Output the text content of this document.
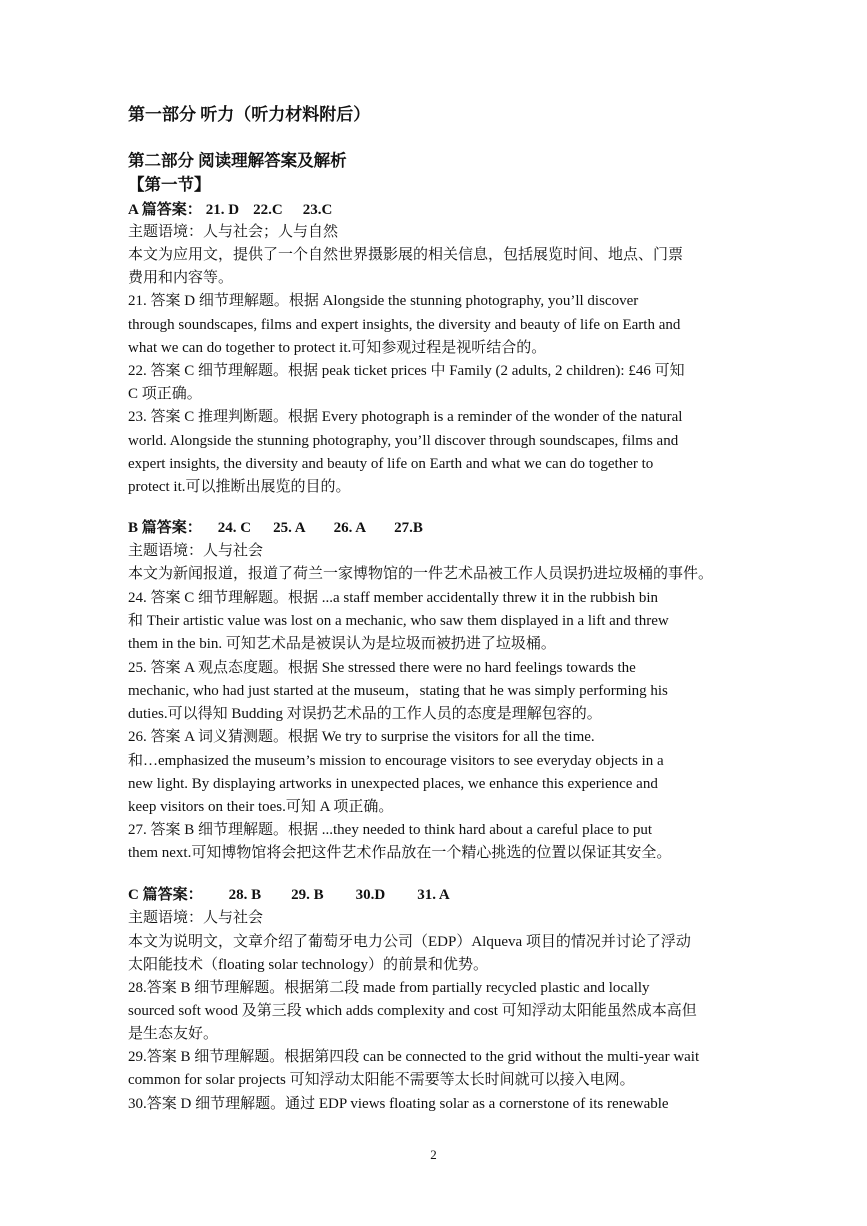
第一部分 听力（听力材料附后）
第二部分 阅读理解答案及解析
【第一节】
A 篇答案： 21. D 22.C 23.C
主题语境：人与社会；人与自然
本文为应用文，提供了一个自然世界摄影展的相关信息，包括展览时间、地点、门票
费用和内容等。
21. 答案 D 细节理解题。根据 Alongside the stunning photography, you’ll discover
through soundscapes, films and expert insights, the diversity and beauty of life on Earth and
what we can do together to protect it.可知参观过程是视听结合的。
22. 答案 C 细节理解题。根据 peak ticket prices 中 Family (2 adults, 2 children): £46 可知
C 项正确。
23. 答案 C 推理判断题。根据 Every photograph is a reminder of the wonder of the natural
world. Alongside the stunning photography, you’ll discover through soundscapes, films and
expert insights, the diversity and beauty of life on Earth and what we can do together to
protect it.可以推断出展览的目的。
B 篇答案： 24. C 25. A 26. A 27.B
主题语境：人与社会
本文为新闻报道，报道了荷兰一家博物馆的一件艺术品被工作人员误扔进垃圾桶的事件。
24. 答案 C 细节理解题。根据 ...a staff member accidentally threw it in the rubbish bin
和 Their artistic value was lost on a mechanic, who saw them displayed in a lift and threw
them in the bin. 可知艺术品是被误认为是垃圾而被扔进了垃圾桶。
25. 答案 A 观点态度题。根据 She stressed there were no hard feelings towards the
mechanic, who had just started at the museum，stating that he was simply performing his
duties.可以得知 Budding 对误扔艺术品的工作人员的态度是理解包容的。
26. 答案 A 词义猜测题。根据 We try to surprise the visitors for all the time.
和…emphasized the museum’s mission to encourage visitors to see everyday objects in a
new light. By displaying artworks in unexpected places, we enhance this experience and
keep visitors on their toes.可知 A 项正确。
27. 答案 B 细节理解题。根据 ...they needed to think hard about a careful place to put
them next.可知博物馆将会把这件艺术作品放在一个精心挑选的位置以保证其安全。
C 篇答案： 28. B 29. B 30.D 31. A
主题语境：人与社会
本文为说明文，文章介绍了葡萄牙电力公司（EDP）Alqueva 项目的情况并讨论了浮动
太阳能技术（floating solar technology）的前景和优势。
28.答案 B 细节理解题。根据第二段 made from partially recycled plastic and locally
sourced soft wood 及第三段 which adds complexity and cost 可知浮动太阳能虽然成本高但
是生态友好。
29.答案 B 细节理解题。根据第四段 can be connected to the grid without the multi-year wait
common for solar projects 可知浮动太阳能不需要等太长时间就可以接入电网。
30.答案 D 细节理解题。通过 EDP views floating solar as a cornerstone of its renewable
2
